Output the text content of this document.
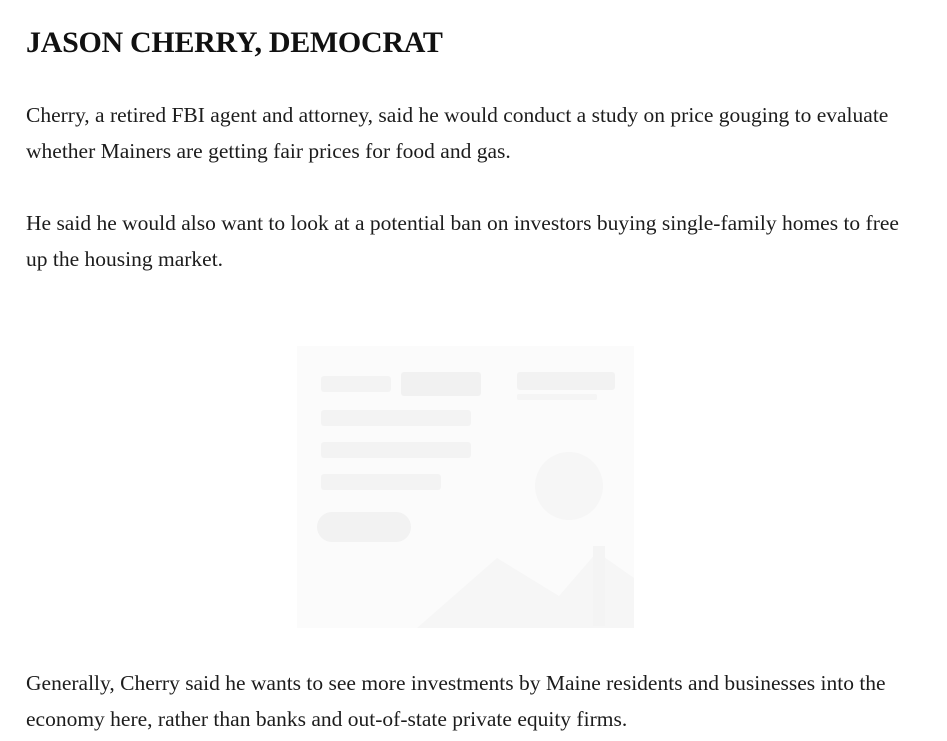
JASON CHERRY, DEMOCRAT

Cherry, a retired FBI agent and attorney, said he would conduct a study on price gouging to evaluate whether Mainers are getting fair prices for food and gas.

He said he would also want to look at a potential ban on investors buying single-family homes to free up the housing market.

Generally, Cherry said he wants to see more investments by Maine residents and businesses into the economy here, rather than banks and out-of-state private equity firms.
